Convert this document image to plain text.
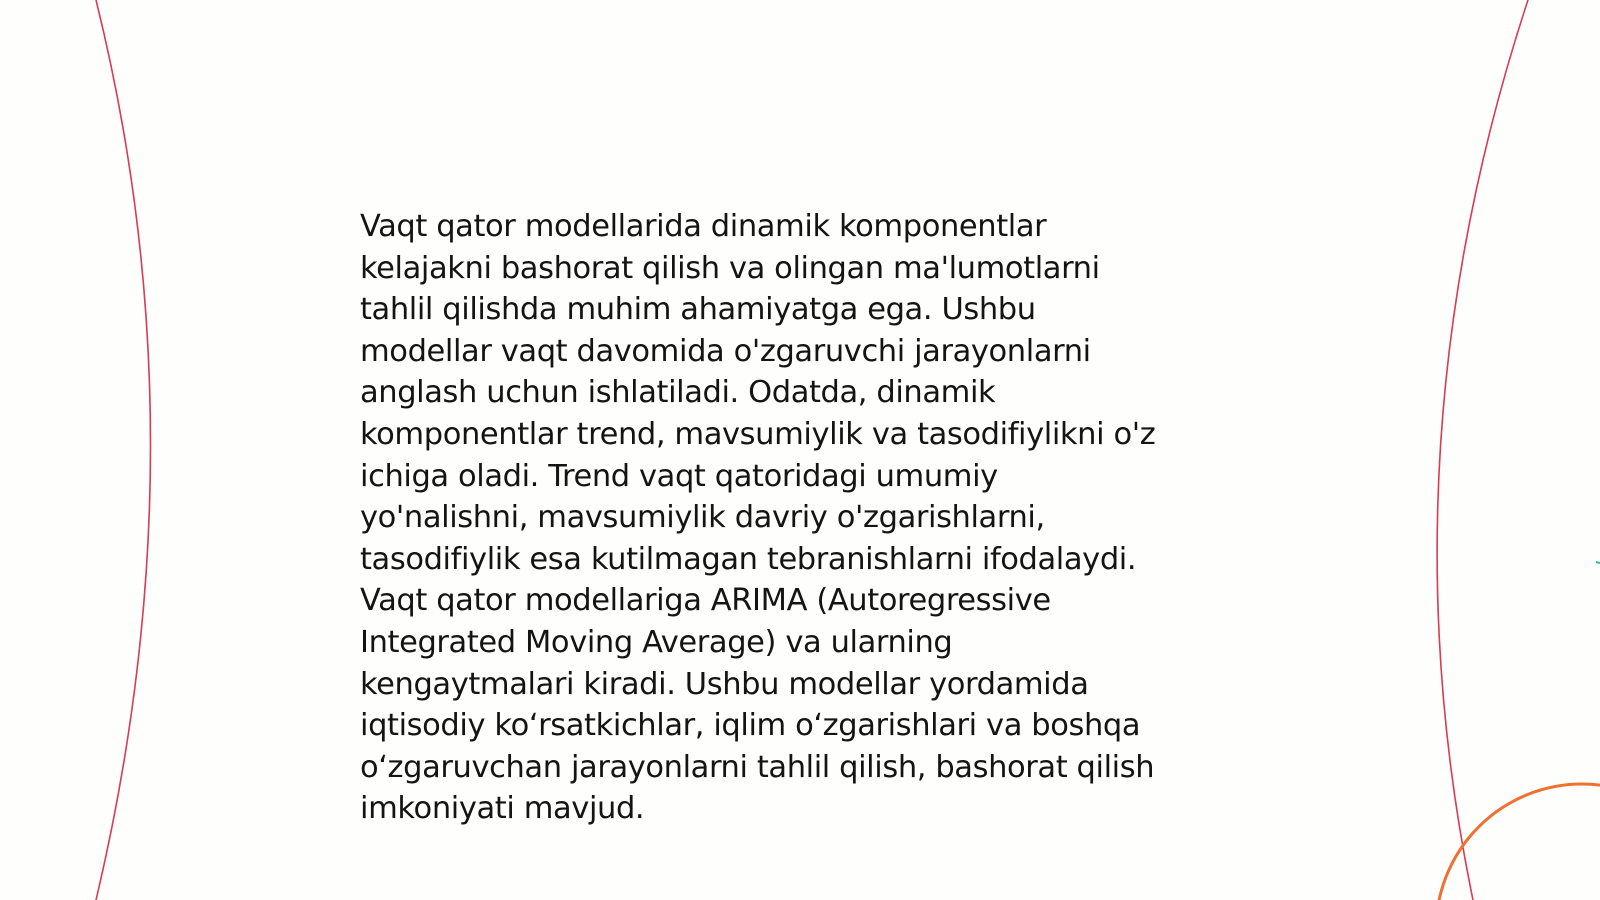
Vaqt qator modellarida dinamik komponentlar
kelajakni bashorat qilish va olingan ma'lumotlarni
tahlil qilishda muhim ahamiyatga ega. Ushbu
modellar vaqt davomida o'zgaruvchi jarayonlarni
anglash uchun ishlatiladi. Odatda, dinamik
komponentlar trend, mavsumiylik va tasodifiylikni o'z
ichiga oladi. Trend vaqt qatoridagi umumiy
yo'nalishni, mavsumiylik davriy o'zgarishlarni,
tasodifiylik esa kutilmagan tebranishlarni ifodalaydi.
Vaqt qator modellariga ARIMA (Autoregressive
Integrated Moving Average) va ularning
kengaytmalari kiradi. Ushbu modellar yordamida
iqtisodiy koʻrsatkichlar, iqlim oʻzgarishlari va boshqa
oʻzgaruvchan jarayonlarni tahlil qilish, bashorat qilish
imkoniyati mavjud.
